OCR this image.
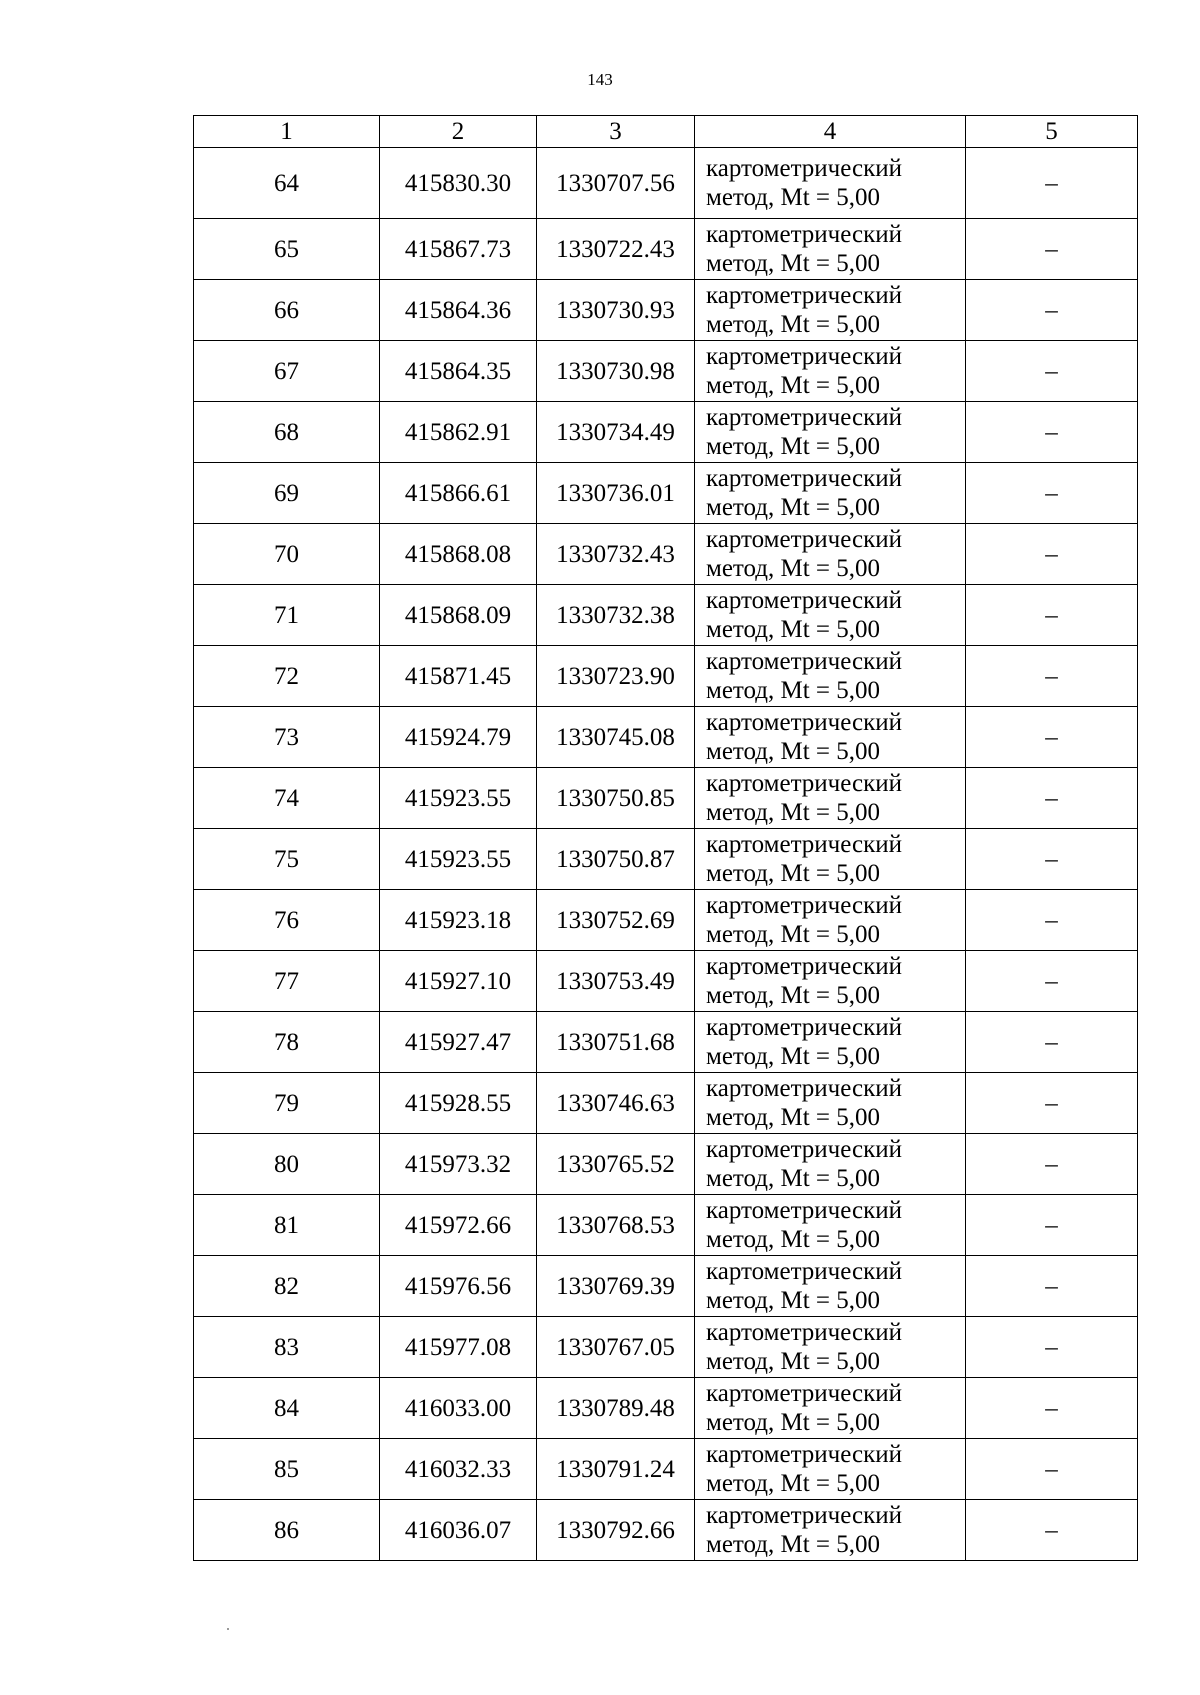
143
1	2	3	4	5
64	415830.30	1330707.56	картометрический
метод, Mt = 5,00	–
65	415867.73	1330722.43	картометрический
метод, Mt = 5,00	–
66	415864.36	1330730.93	картометрический
метод, Mt = 5,00	–
67	415864.35	1330730.98	картометрический
метод, Mt = 5,00	–
68	415862.91	1330734.49	картометрический
метод, Mt = 5,00	–
69	415866.61	1330736.01	картометрический
метод, Mt = 5,00	–
70	415868.08	1330732.43	картометрический
метод, Mt = 5,00	–
71	415868.09	1330732.38	картометрический
метод, Mt = 5,00	–
72	415871.45	1330723.90	картометрический
метод, Mt = 5,00	–
73	415924.79	1330745.08	картометрический
метод, Mt = 5,00	–
74	415923.55	1330750.85	картометрический
метод, Mt = 5,00	–
75	415923.55	1330750.87	картометрический
метод, Mt = 5,00	–
76	415923.18	1330752.69	картометрический
метод, Mt = 5,00	–
77	415927.10	1330753.49	картометрический
метод, Mt = 5,00	–
78	415927.47	1330751.68	картометрический
метод, Mt = 5,00	–
79	415928.55	1330746.63	картометрический
метод, Mt = 5,00	–
80	415973.32	1330765.52	картометрический
метод, Mt = 5,00	–
81	415972.66	1330768.53	картометрический
метод, Mt = 5,00	–
82	415976.56	1330769.39	картометрический
метод, Mt = 5,00	–
83	415977.08	1330767.05	картометрический
метод, Mt = 5,00	–
84	416033.00	1330789.48	картометрический
метод, Mt = 5,00	–
85	416032.33	1330791.24	картометрический
метод, Mt = 5,00	–
86	416036.07	1330792.66	картометрический
метод, Mt = 5,00	–
